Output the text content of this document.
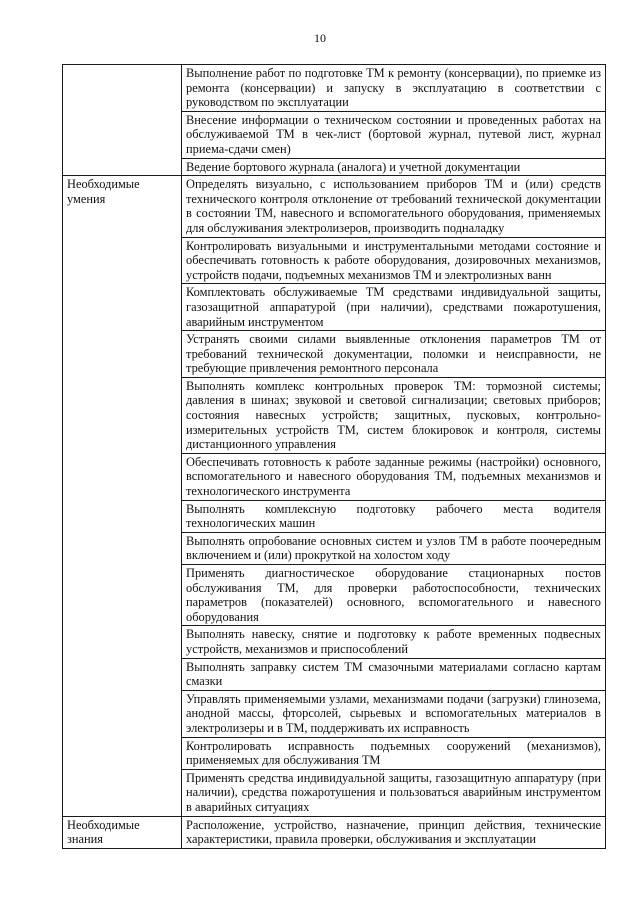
10
	Выполнение работ по подготовке ТМ к ремонту (консервации), по приемке из ремонта (консервации) и запуску в эксплуатацию в соответствии с руководством по эксплуатации
	Внесение информации о техническом состоянии и проведенных работах на обслуживаемой ТМ в чек-лист (бортовой журнал, путевой лист, журнал приема-сдачи смен)
	Ведение бортового журнала (аналога) и учетной документации
Необходимые умения	Определять визуально, с использованием приборов ТМ и (или) средств технического контроля отклонение от требований технической документации в состоянии ТМ, навесного и вспомогательного оборудования, применяемых для обслуживания электролизеров, производить подналадку
	Контролировать визуальными и инструментальными методами состояние и обеспечивать готовность к работе оборудования, дозировочных механизмов, устройств подачи, подъемных механизмов ТМ и электролизных ванн
	Комплектовать обслуживаемые ТМ средствами индивидуальной защиты, газозащитной аппаратурой (при наличии), средствами пожаротушения, аварийным инструментом
	Устранять своими силами выявленные отклонения параметров ТМ от требований технической документации, поломки и неисправности, не требующие привлечения ремонтного персонала
	Выполнять комплекс контрольных проверок ТМ: тормозной системы; давления в шинах; звуковой и световой сигнализации; световых приборов; состояния навесных устройств; защитных, пусковых, контрольно-измерительных устройств ТМ, систем блокировок и контроля, системы дистанционного управления
	Обеспечивать готовность к работе заданные режимы (настройки) основного, вспомогательного и навесного оборудования ТМ, подъемных механизмов и технологического инструмента
	Выполнять комплексную подготовку рабочего места водителя технологических машин
	Выполнять опробование основных систем и узлов ТМ в работе поочередным включением и (или) прокруткой на холостом ходу
	Применять диагностическое оборудование стационарных постов обслуживания ТМ, для проверки работоспособности, технических параметров (показателей) основного, вспомогательного и навесного оборудования
	Выполнять навеску, снятие и подготовку к работе временных подвесных устройств, механизмов и приспособлений
	Выполнять заправку систем ТМ смазочными материалами согласно картам смазки
	Управлять применяемыми узлами, механизмами подачи (загрузки) глинозема, анодной массы, фторсолей, сырьевых и вспомогательных материалов в электролизеры и в ТМ, поддерживать их исправность
	Контролировать исправность подъемных сооружений (механизмов), применяемых для обслуживания ТМ
	Применять средства индивидуальной защиты, газозащитную аппаратуру (при наличии), средства пожаротушения и пользоваться аварийным инструментом в аварийных ситуациях
Необходимые знания	Расположение, устройство, назначение, принцип действия, технические характеристики, правила проверки, обслуживания и эксплуатации
